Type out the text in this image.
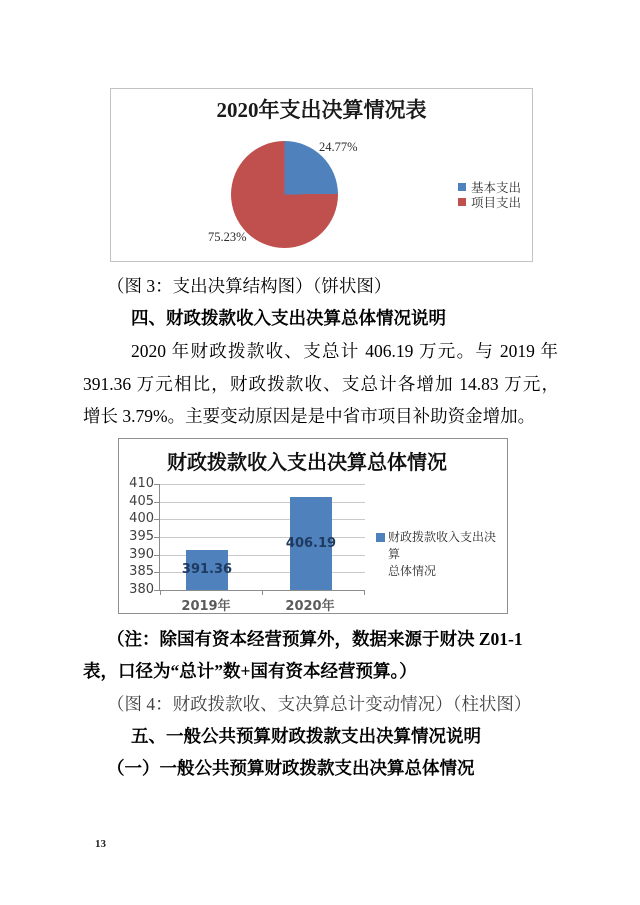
2020年支出决算情况表
24.77%
75.23%
基本支出
项目支出
（图 3：支出决算结构图）（饼状图）
四、财政拨款收入支出决算总体情况说明
2020 年财政拨款收、支总计 406.19 万元。与 2019 年
391.36 万元相比，财政拨款收、支总计各增加 14.83 万元，
增长 3.79%。主要变动原因是是中省市项目补助资金增加。
财政拨款收入支出决算总体情况
391.36
406.19	财政拨款收入支出决算
总体情况
410
405
400
395
390
385
380
2019年	2020年
（注：除国有资本经营预算外，数据来源于财决 Z01-1
表，口径为“总计”数+国有资本经营预算。）
（图 4：财政拨款收、支决算总计变动情况）（柱状图）
五、一般公共预算财政拨款支出决算情况说明
（一）一般公共预算财政拨款支出决算总体情况
13
